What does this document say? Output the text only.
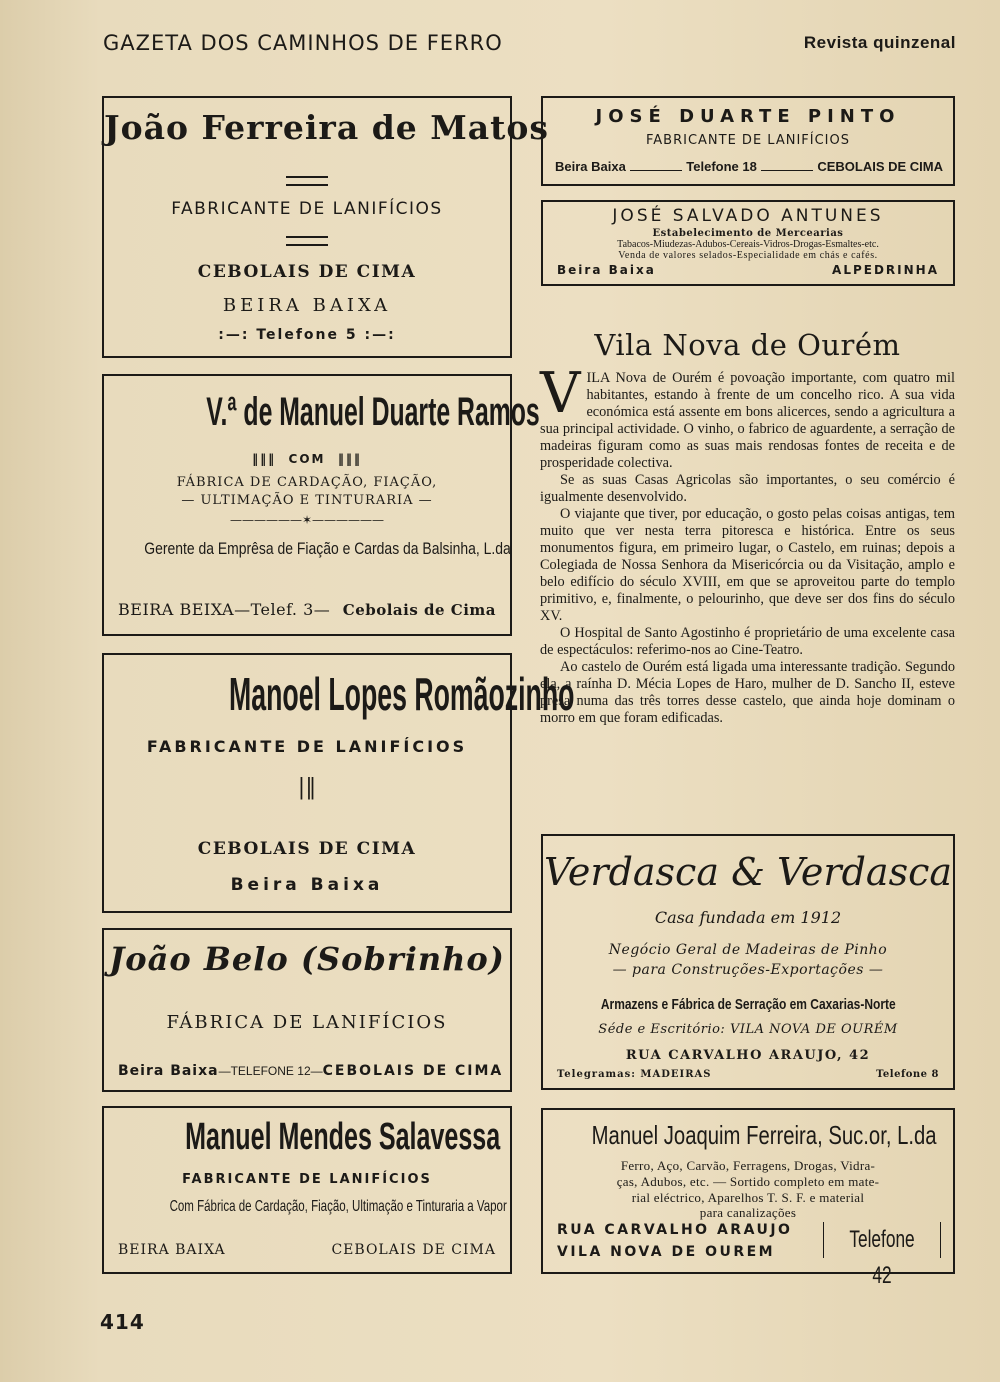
GAZETA DOS CAMINHOS DE FERRO	Revista quinzenal
João Ferreira de Matos
FABRICANTE DE LANIFÍCIOS
CEBOLAIS DE CIMA
BEIRA BAIXA
:—: Telefone 5 :—:
V.ª de Manuel Duarte Ramos
‖‖‖  COM  ‖‖‖
FÁBRICA DE CARDAÇÃO, FIAÇÃO,
— ULTIMAÇÃO E TINTURARIA —
——————✶——————
Gerente da Emprêsa de Fiação e Cardas da Balsinha, L.da
BEIRA BEIXA—Telef. 3— Cebolais de Cima
Manoel Lopes Romãozinho
FABRICANTE DE LANIFÍCIOS
|‖
CEBOLAIS DE CIMA
Beira Baixa
João Belo (Sobrinho)
FÁBRICA DE LANIFÍCIOS
Beira Baixa —TELEFONE 12— CEBOLAIS DE CIMA
Manuel Mendes Salavessa
FABRICANTE DE LANIFÍCIOS
Com Fábrica de Cardação, Fiação, Ultimação e Tinturaria a Vapor
BEIRA BAIXA	CEBOLAIS DE CIMA
JOSÉ DUARTE PINTO
FABRICANTE DE LANIFÍCIOS
Beira Baixa	Telefone 18	CEBOLAIS DE CIMA
JOSÉ SALVADO ANTUNES
Estabelecimento de Mercearias
Tabacos-Miudezas-Adubos-Cereais-Vidros-Drogas-Esmaltes-etc.
Venda de valores selados-Especialidade em chás e cafés.
Beira Baixa	ALPEDRINHA
Vila Nova de Ourém

VILA Nova de Ourém é povoação importante, com quatro mil habitantes, estando à frente de um concelho rico. A sua vida económica está assente em bons alicerces, sendo a agricultura a sua principal actividade. O vinho, o fabrico de aguardente, a serração de madeiras figuram como as suas mais rendosas fontes de receita e de prosperidade colectiva.

Se as suas Casas Agricolas são importantes, o seu comércio é igualmente desenvolvido.

O viajante que tiver, por educação, o gosto pelas coisas antigas, tem muito que ver nesta terra pitoresca e histórica. Entre os seus monumentos figura, em primeiro lugar, o Castelo, em ruinas; depois a Colegiada de Nossa Senhora da Misericórcia ou da Visitação, amplo e belo edifício do século XVIII, em que se aproveitou parte do templo primitivo, e, finalmente, o pelourinho, que deve ser dos fins do século XV.

O Hospital de Santo Agostinho é proprietário de uma excelente casa de espectáculos: referimo-nos ao Cine-Teatro.

Ao castelo de Ourém está ligada uma interessante tradição. Segundo ela, a raínha D. Mécia Lopes de Haro, mulher de D. Sancho II, esteve presa numa das três torres desse castelo, que ainda hoje dominam o morro em que foram edificadas.

Verdasca & Verdasca
Casa fundada em 1912
Negócio Geral de Madeiras de Pinho
— para Construções-Exportações —
Armazens e Fábrica de Serração em Caxarias-Norte
Séde e Escritório: VILA NOVA DE OURÉM
RUA CARVALHO ARAUJO, 42
Telegramas: MADEIRAS	Telefone 8
Manuel Joaquim Ferreira, Suc.or, L.da
Ferro, Aço, Carvão, Ferragens, Drogas, Vidra-
ças, Adubos, etc. — Sortido completo em mate-
rial eléctrico, Aparelhos T. S. F. e material
para canalizações
RUA CARVALHO ARAUJO
VILA NOVA DE OUREM	Telefone 42
414
